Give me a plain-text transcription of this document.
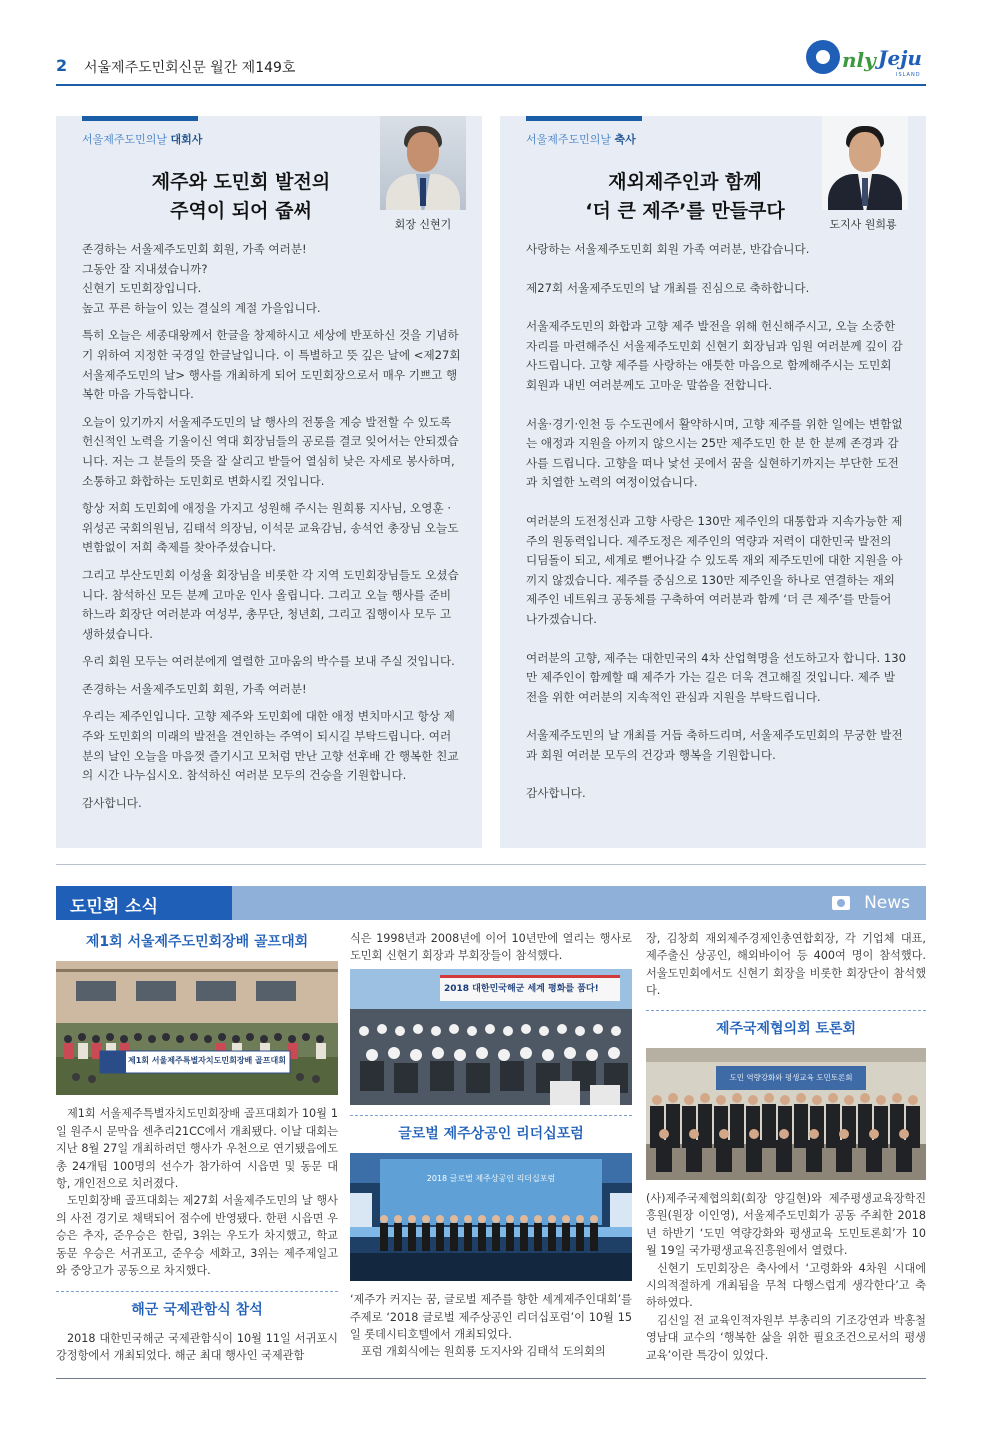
2 서울제주도민회신문 월간 제149호	nly Jeju
ISLAND
서울제주도민의날 대회사
제주와 도민회 발전의
주역이 되어 줍써
회장 신현기

존경하는 서울제주도민회 회원, 가족 여러분!

그동안 잘 지내셨습니까?

신현기 도민회장입니다.

높고 푸른 하늘이 있는 결실의 계절 가을입니다.

특히 오늘은 세종대왕께서 한글을 창제하시고 세상에 반포하신 것을 기념하기 위하여 지정한 국경일 한글날입니다. 이 특별하고 뜻 깊은 날에 <제27회 서울제주도민의 날> 행사를 개최하게 되어 도민회장으로서 매우 기쁘고 행복한 마음 가득합니다.

오늘이 있기까지 서울제주도민의 날 행사의 전통을 계승 발전할 수 있도록 헌신적인 노력을 기울이신 역대 회장님들의 공로를 결코 잊어서는 안되겠습니다. 저는 그 분들의 뜻을 잘 살리고 받들어 열심히 낮은 자세로 봉사하며, 소통하고 화합하는 도민회로 변화시킬 것입니다.

항상 저희 도민회에 애정을 가지고 성원해 주시는 원희룡 지사님, 오영훈 · 위성곤 국회의원님, 김태석 의장님, 이석문 교육감님, 송석언 총장님 오늘도 변함없이 저희 축제를 찾아주셨습니다.

그리고 부산도민회 이성율 회장님을 비롯한 각 지역 도민회장님들도 오셨습니다. 참석하신 모든 분께 고마운 인사 올립니다. 그리고 오늘 행사를 준비하느라 회장단 여러분과 여성부, 총무단, 청년회, 그리고 집행이사 모두 고생하셨습니다.

우리 회원 모두는 여러분에게 열렬한 고마움의 박수를 보내 주실 것입니다.

존경하는 서울제주도민회 회원, 가족 여러분!

우리는 제주인입니다. 고향 제주와 도민회에 대한 애정 변치마시고 항상 제주와 도민회의 미래의 발전을 견인하는 주역이 되시길 부탁드립니다. 여러분의 날인 오늘을 마음껏 즐기시고 모처럼 만난 고향 선후배 간 행복한 친교의 시간 나누십시오. 참석하신 여러분 모두의 건승을 기원합니다.

감사합니다.

서울제주도민의날 축사
재외제주인과 함께
‘더 큰 제주’를 만들쿠다
도지사 원희룡

사랑하는 서울제주도민회 회원 가족 여러분, 반갑습니다.

제27회 서울제주도민의 날 개최를 진심으로 축하합니다.

서울제주도민의 화합과 고향 제주 발전을 위해 헌신해주시고, 오늘 소중한 자리를 마련해주신 서울제주도민회 신현기 회장님과 임원 여러분께 깊이 감사드립니다. 고향 제주를 사랑하는 애틋한 마음으로 함께해주시는 도민회 회원과 내빈 여러분께도 고마운 말씀을 전합니다.

서울·경기·인천 등 수도권에서 활약하시며, 고향 제주를 위한 일에는 변함없는 애정과 지원을 아끼지 않으시는 25만 제주도민 한 분 한 분께 존경과 감사를 드립니다. 고향을 떠나 낯선 곳에서 꿈을 실현하기까지는 부단한 도전과 치열한 노력의 여정이었습니다.

여러분의 도전정신과 고향 사랑은 130만 제주인의 대통합과 지속가능한 제주의 원동력입니다. 제주도정은 제주인의 역량과 저력이 대한민국 발전의 디딤돌이 되고, 세계로 뻗어나갈 수 있도록 재외 제주도민에 대한 지원을 아끼지 않겠습니다. 제주를 중심으로 130만 제주인을 하나로 연결하는 재외제주인 네트워크 공동체를 구축하여 여러분과 함께 ‘더 큰 제주’를 만들어 나가겠습니다.

여러분의 고향, 제주는 대한민국의 4차 산업혁명을 선도하고자 합니다. 130만 제주인이 함께할 때 제주가 가는 길은 더욱 견고해질 것입니다. 제주 발전을 위한 여러분의 지속적인 관심과 지원을 부탁드립니다.

서울제주도민의 날 개최를 거듭 축하드리며, 서울제주도민회의 무궁한 발전과 회원 여러분 모두의 건강과 행복을 기원합니다.

감사합니다.

도민회 소식	News
제1회 서울제주도민회장배 골프대회
제1회 서울제주특별자치도민회장배 골프대회

제1회 서울제주특별자치도민회장배 골프대회가 10월 1일 원주시 문막읍 센추리21CC에서 개최됐다. 이날 대회는 지난 8월 27일 개최하려던 행사가 우천으로 연기됐음에도 총 24개팀 100명의 선수가 참가하여 시읍면 및 동문 대항, 개인전으로 치러졌다.

도민회장배 골프대회는 제27회 서울제주도민의 날 행사의 사전 경기로 채택되어 점수에 반영됐다. 한편 시읍면 우승은 추자, 준우승은 한림, 3위는 우도가 차지했고, 학교 동문 우승은 서귀포고, 준우승 세화고, 3위는 제주제일고와 중앙고가 공동으로 차지했다.

해군 국제관함식 참석

2018 대한민국해군 국제관함식이 10월 11일 서귀포시 강정항에서 개최되었다. 해군 최대 행사인 국제관함

식은 1998년과 2008년에 이어 10년만에 열리는 행사로 도민회 신현기 회장과 부회장들이 참석했다.

2018 대한민국해군 세계 평화를 품다!
글로벌 제주상공인 리더십포럼
2018 글로벌 제주상공인 리더십포럼

‘제주가 커지는 꿈, 글로벌 제주를 향한 세계제주인대회’를 주제로 ‘2018 글로벌 제주상공인 리더십포럼’이 10월 15일 롯데시티호텔에서 개최되었다.

포럼 개회식에는 원희룡 도지사와 김태석 도의회의

장, 김창희 재외제주경제인총연합회장, 각 기업체 대표, 제주출신 상공인, 해외바이어 등 400여 명이 참석했다. 서울도민회에서도 신현기 회장을 비롯한 회장단이 참석했다.

제주국제협의회 토론회
도민 역량강화와 평생교육 도민토론회

(사)제주국제협의회(회장 양길현)와 제주평생교육장학진흥원(원장 이인영), 서울제주도민회가 공동 주최한 2018년 하반기 ‘도민 역량강화와 평생교육 도민토론회’가 10월 19일 국가평생교육진흥원에서 열렸다.

신현기 도민회장은 축사에서 ‘고령화와 4차원 시대에 시의적절하게 개최됨을 무척 다행스럽게 생각한다’고 축하하였다.

김신일 전 교육인적자원부 부총리의 기조강연과 박홍철 영남대 교수의 ‘행복한 삶을 위한 필요조건으로서의 평생교육’이란 특강이 있었다.
